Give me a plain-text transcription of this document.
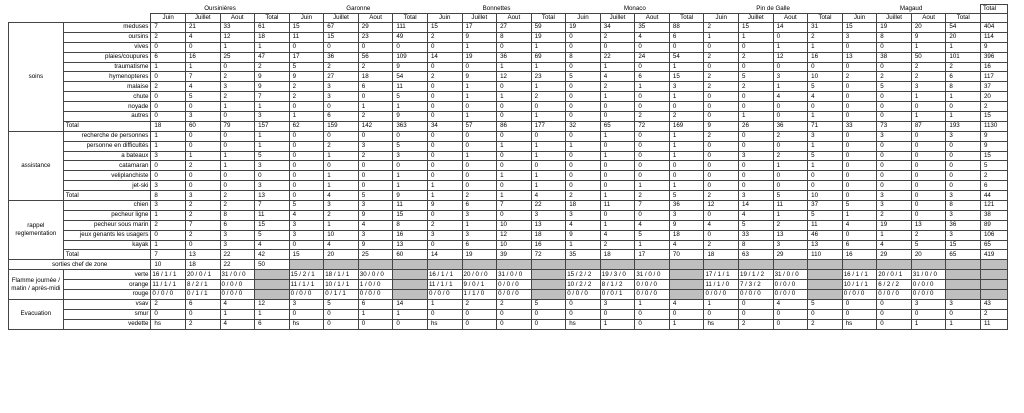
		Oursinières				Garonne				Bonnettes				Monaco				Pin de Galle				Magaud				Total
		Juin	Juillet	Aout	Total	Juin	Juillet	Aout	Total	Juin	Juillet	Aout	Total	Juin	Juillet	Aout	Total	Juin	Juillet	Aout	Total	Juin	Juillet	Aout	Total	
soins	meduses	7	21	33	61	15	67	29	111	15	17	27	59	19	34	35	88	2	15	14	31	15	19	20	54	404
	oursins	2	4	12	18	11	15	23	49	2	9	8	19	0	2	4	6	1	1	0	2	3	8	9	20	114
	vives	0	0	1	1	0	0	0	0	0	1	0	1	0	0	0	0	0	0	1	1	0	0	1	1	9
	plaies/coupures	6	16	25	47	17	36	56	109	14	19	36	69	8	22	24	54	2	2	12	16	13	38	50	101	396
	traumatisme	1	1	0	2	5	2	2	9	0	0	1	1	0	1	0	1	0	0	0	0	0	0	2	2	16
	hymenopteres	0	7	2	9	9	27	18	54	2	9	12	23	5	4	6	15	2	5	3	10	2	2	2	6	117
	malaise	2	4	3	9	2	3	6	11	0	1	0	1	0	2	1	3	2	2	1	5	0	5	3	8	37
	chute	0	5	2	7	2	3	0	5	0	1	1	2	0	1	0	1	0	0	4	4	0	0	1	1	20
	noyade	0	0	1	1	0	0	1	1	0	0	0	0	0	0	0	0	0	0	0	0	0	0	0	0	2
	autres	0	3	0	3	1	6	2	9	0	1	0	1	0	0	2	2	0	1	0	1	0	0	1	1	15
	Total	18	60	79	157	62	159	142	363	34	57	86	177	32	65	72	169	9	26	36	71	33	73	87	193	1130
assistance	recherche de personnes	1	0	0	1	0	0	0	0	0	0	0	0	0	1	0	1	2	0	2	3	0	3	0	3	9
	personne en difficultés	1	0	0	1	0	2	3	5	0	0	1	1	1	0	0	1	0	0	0	1	0	0	0	0	9
	a bateaux	3	1	1	5	0	1	2	3	0	1	0	1	0	1	0	1	0	3	2	5	0	0	0	0	15
	catamaran	0	2	1	3	0	0	0	0	0	0	0	0	0	0	0	0	0	0	1	1	0	0	0	0	5
	veliplanchiste	0	0	0	0	0	1	0	1	0	0	1	1	0	0	0	0	0	0	0	0	0	0	0	0	2
	jet-ski	3	0	0	3	0	1	0	1	1	0	0	1	0	0	1	1	0	0	0	0	0	0	0	0	6
	Total	8	3	2	13	0	4	5	9	1	2	1	4	2	1	2	5	2	3	5	10	0	3	0	3	44
rappel reglementation	chien	3	2	2	7	5	3	3	11	9	6	7	22	18	11	7	36	12	14	11	37	5	3	0	8	121
	pecheur ligne	1	2	8	11	4	2	9	15	0	3	0	3	3	0	0	3	0	4	1	5	1	2	0	3	38
	pecheur sous marin	2	7	6	15	3	1	4	8	2	1	10	13	4	1	4	9	4	5	2	11	4	19	13	36	89
	jeux genants les usagers	0	2	3	5	3	10	3	16	3	3	12	18	9	4	5	18	0	33	13	46	0	1	2	3	106
	kayak	1	0	3	4	0	4	9	13	0	6	10	16	1	2	1	4	2	8	3	13	6	4	5	15	65
	Total	7	13	22	42	15	20	25	60	14	19	39	72	35	18	17	70	18	63	29	110	16	29	20	65	419
sorties chef de zone		10	18	22	50																					
Flamme journée / matin / après-midi	verte	16 / 1 / 1	20 / 0 / 1	31 / 0 / 0		15 / 2 / 1	18 / 1 / 1	30 / 0 / 0		16 / 1 / 1	20 / 0 / 0	31 / 0 / 0		15 / 2 / 2	19 / 3 / 0	31 / 0 / 0		17 / 1 / 1	19 / 1 / 2	31 / 0 / 0		16 / 1 / 1	20 / 0 / 1	31 / 0 / 0		
	orange	11 / 1 / 1	8 / 2 / 1	0 / 0 / 0		11 / 1 / 1	10 / 1 / 1	1 / 0 / 0		11 / 1 / 1	9 / 0 / 1	0 / 0 / 0		10 / 2 / 2	8 / 1 / 2	0 / 0 / 0		11 / 1 / 0	7 / 3 / 2	0 / 0 / 0		10 / 1 / 1	6 / 2 / 2	0 / 0 / 0		
	rouge	0 / 0 / 0	0 / 1 / 1	0 / 0 / 0		0 / 0 / 0	0 / 1 / 1	0 / 0 / 0		0 / 0 / 0	1 / 1 / 0	0 / 0 / 0		0 / 0 / 0	0 / 0 / 1	0 / 0 / 0		0 / 0 / 0	0 / 0 / 0	0 / 0 / 0		0 / 0 / 0	0 / 0 / 0	0 / 0 / 0		
Evacuation	vsav	2	6	4	12	3	5	6	14	1	2	2	5	0	3	1	4	1	0	4	5	0	0	3	3	43
	smur	0	0	1	1	0	0	1	1	0	0	0	0	0	0	0	0	0	0	0	0	0	0	0	0	2
	vedette	hs	2	4	6	hs	0	0	0	hs	0	0	0	hs	1	0	1	hs	2	0	2	hs	0	1	1	11
